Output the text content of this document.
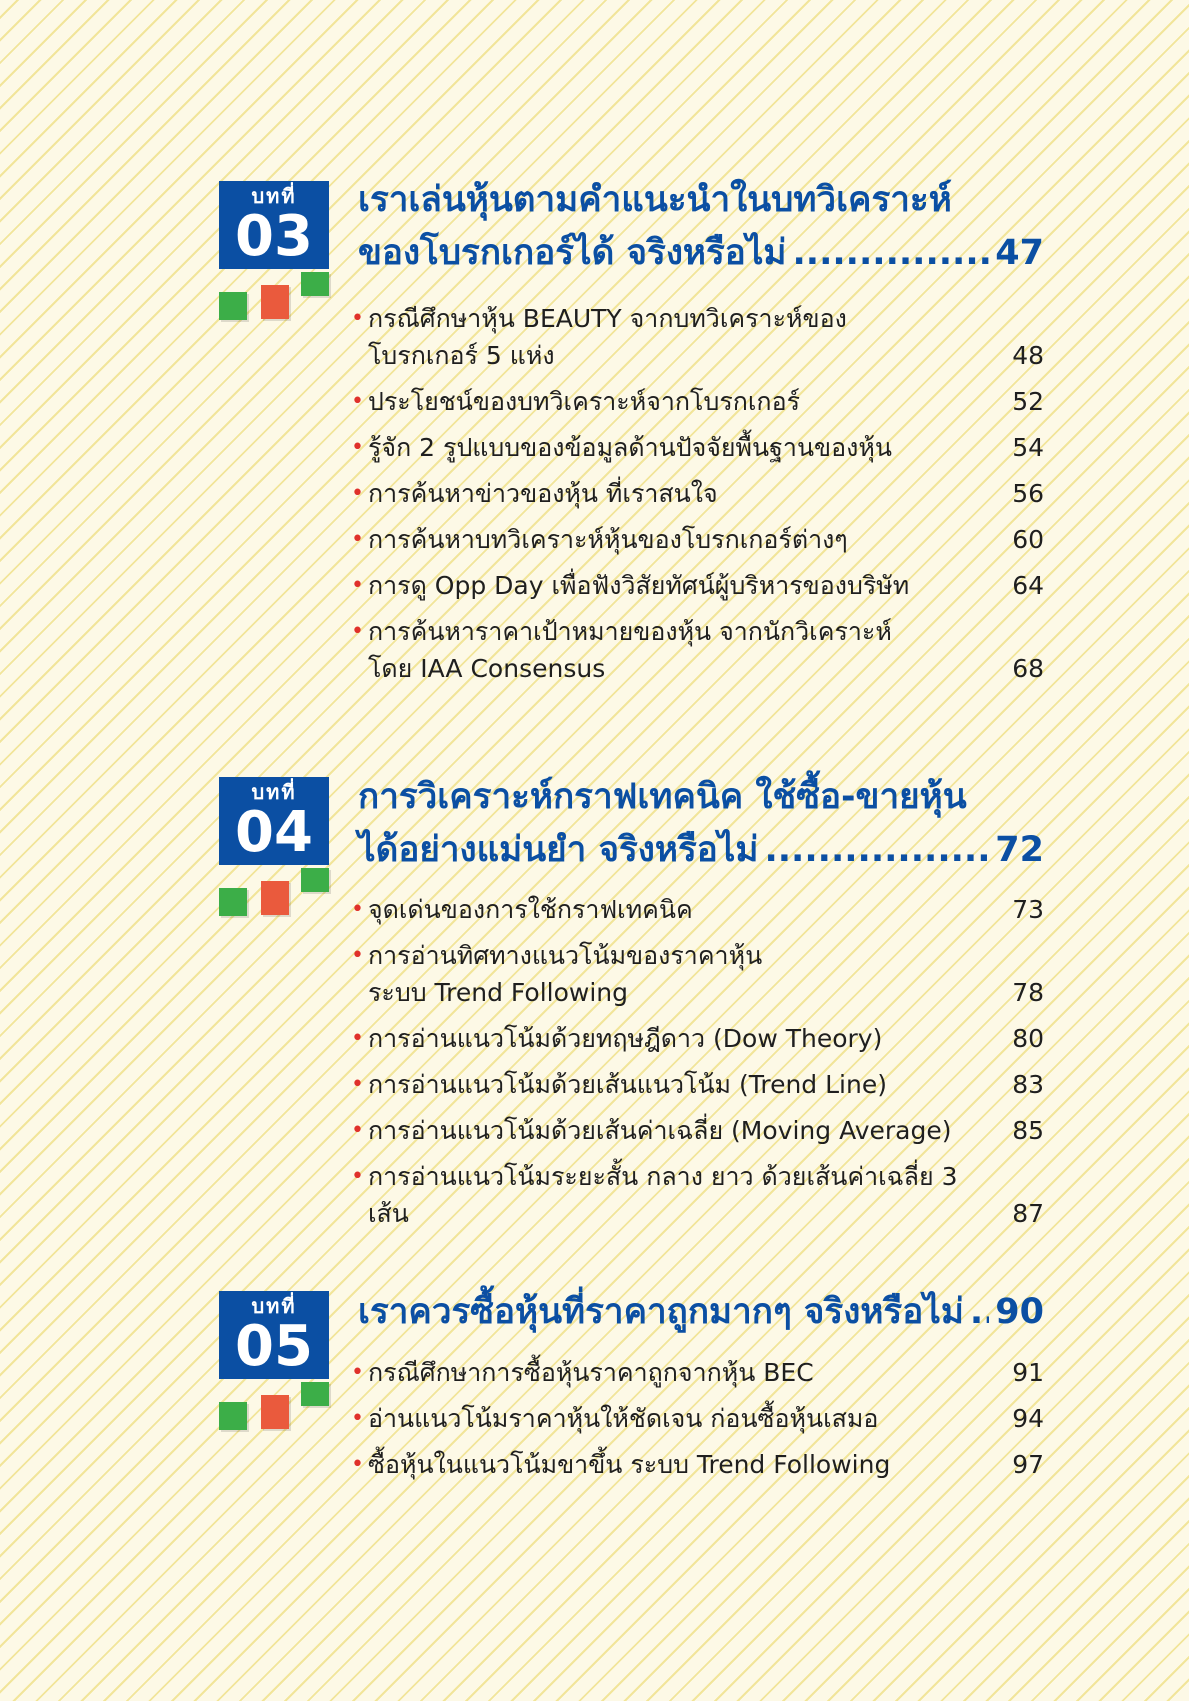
บทที่
03
เราเล่นหุ้นตามคำแนะนำในบทวิเคราะห์
ของโบรกเกอร์ได้ จริงหรือไม่ .....	47
• กรณีศึกษาหุ้น BEAUTY จากบทวิเคราะห์ของ
โบรกเกอร์ 5 แห่ง	48
• ประโยชน์ของบทวิเคราะห์จากโบรกเกอร์	52
• รู้จัก 2 รูปแบบของข้อมูลด้านปัจจัยพื้นฐานของหุ้น	54
• การค้นหาข่าวของหุ้น ที่เราสนใจ	56
• การค้นหาบทวิเคราะห์หุ้นของโบรกเกอร์ต่างๆ	60
• การดู Opp Day เพื่อฟังวิสัยทัศน์ผู้บริหารของบริษัท	64
• การค้นหาราคาเป้าหมายของหุ้น จากนักวิเคราะห์
โดย IAA Consensus	68
บทที่
04
การวิเคราะห์กราฟเทคนิค ใช้ซื้อ-ขายหุ้น
ได้อย่างแม่นยำ จริงหรือไม่ .....	72
• จุดเด่นของการใช้กราฟเทคนิค	73
• การอ่านทิศทางแนวโน้มของราคาหุ้น
ระบบ Trend Following	78
• การอ่านแนวโน้มด้วยทฤษฎีดาว (Dow Theory)	80
• การอ่านแนวโน้มด้วยเส้นแนวโน้ม (Trend Line)	83
• การอ่านแนวโน้มด้วยเส้นค่าเฉลี่ย (Moving Average)	85
• การอ่านแนวโน้มระยะสั้น กลาง ยาว ด้วยเส้นค่าเฉลี่ย 3 เส้น	87
บทที่
05
เราควรซื้อหุ้นที่ราคาถูกมากๆ จริงหรือไม่ ..... 90
• กรณีศึกษาการซื้อหุ้นราคาถูกจากหุ้น BEC	91
• อ่านแนวโน้มราคาหุ้นให้ชัดเจน ก่อนซื้อหุ้นเสมอ	94
• ซื้อหุ้นในแนวโน้มขาขึ้น ระบบ Trend Following	97
